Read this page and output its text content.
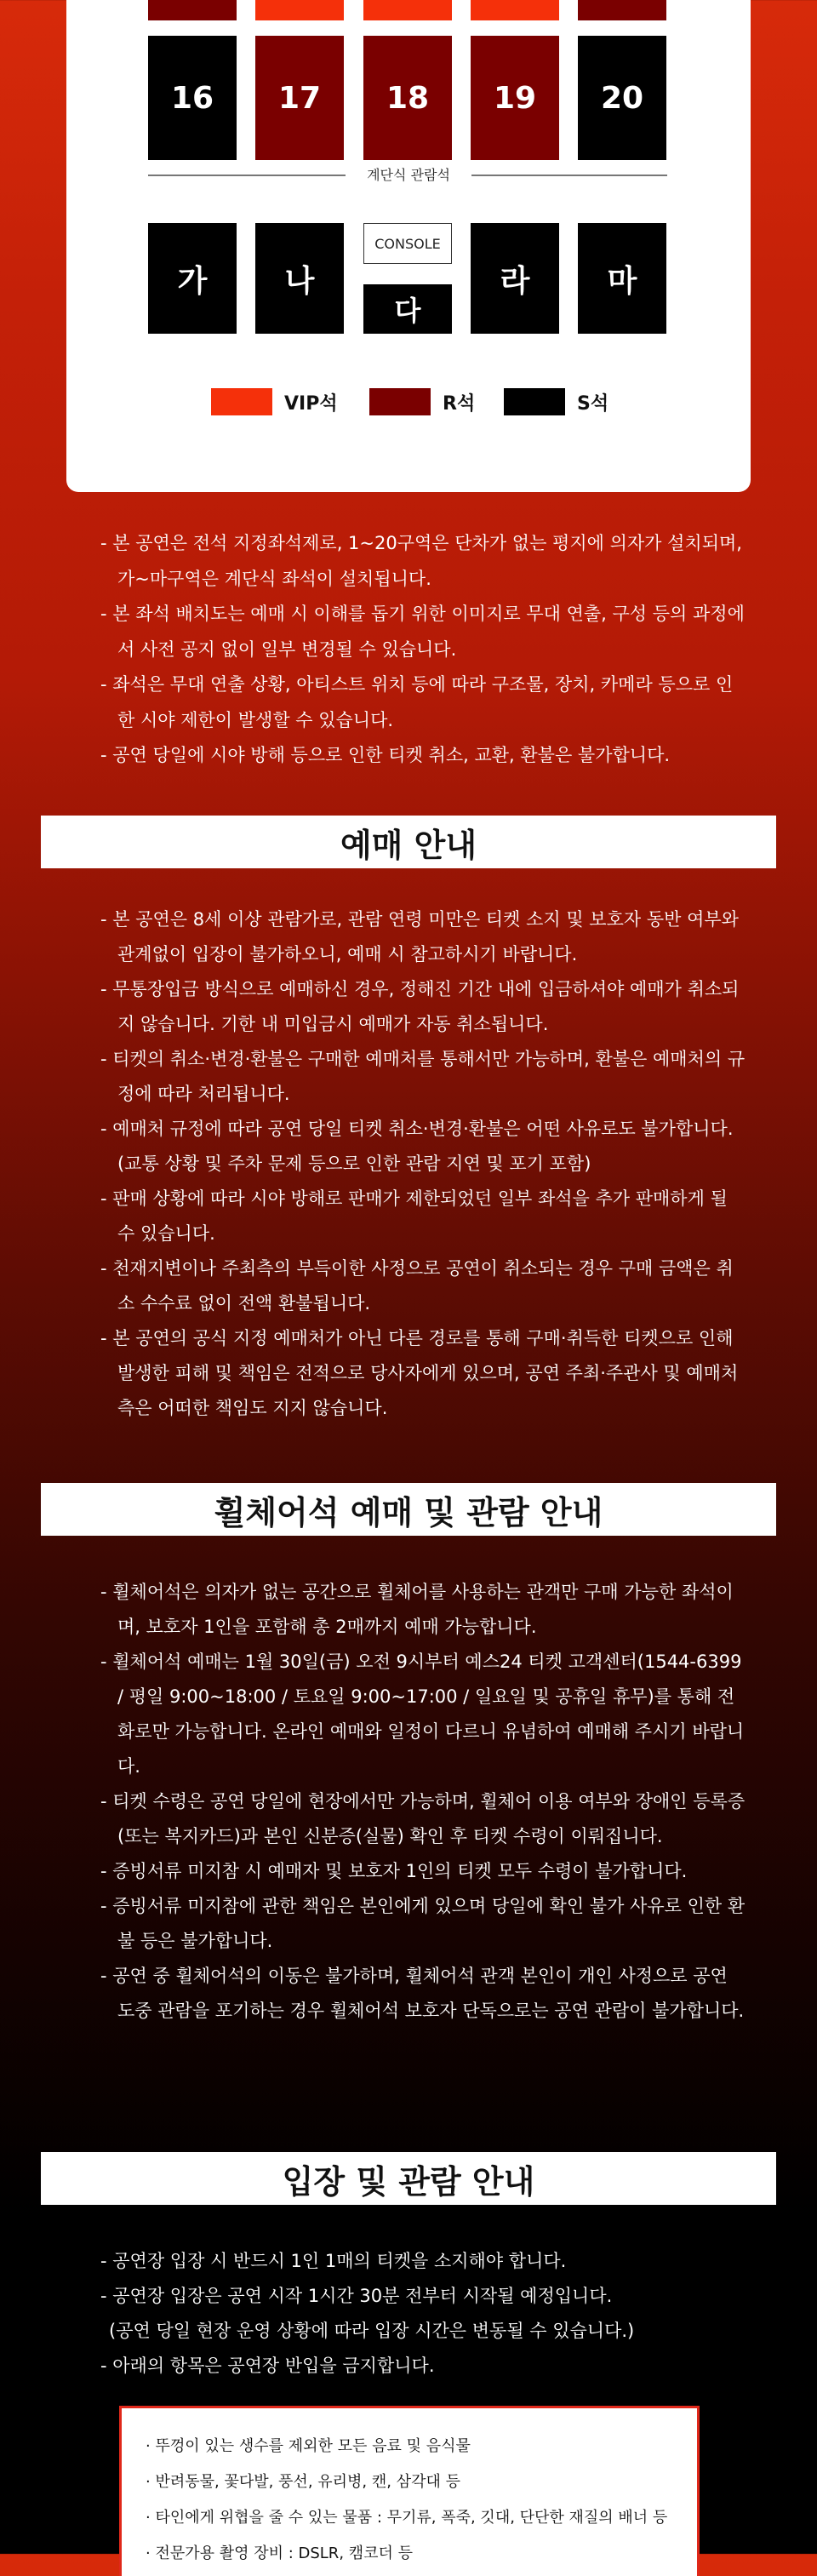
16 17 18 19 20
계단식 관람석
가	나
CONSOLE
다
라	마
VIP석	R석	S석
- 본 공연은 전석 지정좌석제로, 1~20구역은 단차가 없는 평지에 의자가 설치되며, 가~마구역은 계단식 좌석이 설치됩니다.
- 본 좌석 배치도는 예매 시 이해를 돕기 위한 이미지로 무대 연출, 구성 등의 과정에서 사전 공지 없이 일부 변경될 수 있습니다.
- 좌석은 무대 연출 상황, 아티스트 위치 등에 따라 구조물, 장치, 카메라 등으로 인한 시야 제한이 발생할 수 있습니다.
- 공연 당일에 시야 방해 등으로 인한 티켓 취소, 교환, 환불은 불가합니다.
예매 안내
- 본 공연은 8세 이상 관람가로, 관람 연령 미만은 티켓 소지 및 보호자 동반 여부와 관계없이 입장이 불가하오니, 예매 시 참고하시기 바랍니다.
- 무통장입금 방식으로 예매하신 경우, 정해진 기간 내에 입금하셔야 예매가 취소되지 않습니다. 기한 내 미입금시 예매가 자동 취소됩니다.
- 티켓의 취소·변경·환불은 구매한 예매처를 통해서만 가능하며, 환불은 예매처의 규정에 따라 처리됩니다.
- 예매처 규정에 따라 공연 당일 티켓 취소·변경·환불은 어떤 사유로도 불가합니다. (교통 상황 및 주차 문제 등으로 인한 관람 지연 및 포기 포함)
- 판매 상황에 따라 시야 방해로 판매가 제한되었던 일부 좌석을 추가 판매하게 될 수 있습니다.
- 천재지변이나 주최측의 부득이한 사정으로 공연이 취소되는 경우 구매 금액은 취소 수수료 없이 전액 환불됩니다.
- 본 공연의 공식 지정 예매처가 아닌 다른 경로를 통해 구매·취득한 티켓으로 인해 발생한 피해 및 책임은 전적으로 당사자에게 있으며, 공연 주최·주관사 및 예매처측은 어떠한 책임도 지지 않습니다.
휠체어석 예매 및 관람 안내
- 휠체어석은 의자가 없는 공간으로 휠체어를 사용하는 관객만 구매 가능한 좌석이며, 보호자 1인을 포함해 총 2매까지 예매 가능합니다.
- 휠체어석 예매는 1월 30일(금) 오전 9시부터 예스24 티켓 고객센터(1544-6399 / 평일 9:00~18:00 / 토요일 9:00~17:00 / 일요일 및 공휴일 휴무)를 통해 전화로만 가능합니다. 온라인 예매와 일정이 다르니 유념하여 예매해 주시기 바랍니다.
- 티켓 수령은 공연 당일에 현장에서만 가능하며, 휠체어 이용 여부와 장애인 등록증(또는 복지카드)과 본인 신분증(실물) 확인 후 티켓 수령이 이뤄집니다.
- 증빙서류 미지참 시 예매자 및 보호자 1인의 티켓 모두 수령이 불가합니다.
- 증빙서류 미지참에 관한 책임은 본인에게 있으며 당일에 확인 불가 사유로 인한 환불 등은 불가합니다.
- 공연 중 휠체어석의 이동은 불가하며, 휠체어석 관객 본인이 개인 사정으로 공연 도중 관람을 포기하는 경우 휠체어석 보호자 단독으로는 공연 관람이 불가합니다.
입장 및 관람 안내
- 공연장 입장 시 반드시 1인 1매의 티켓을 소지해야 합니다.
- 공연장 입장은 공연 시작 1시간 30분 전부터 시작될 예정입니다.
(공연 당일 현장 운영 상황에 따라 입장 시간은 변동될 수 있습니다.)
- 아래의 항목은 공연장 반입을 금지합니다.
· 뚜껑이 있는 생수를 제외한 모든 음료 및 음식물
· 반려동물, 꽃다발, 풍선, 유리병, 캔, 삼각대 등
· 타인에게 위협을 줄 수 있는 물품 : 무기류, 폭죽, 깃대, 단단한 재질의 배너 등
· 전문가용 촬영 장비 : DSLR, 캠코더 등
